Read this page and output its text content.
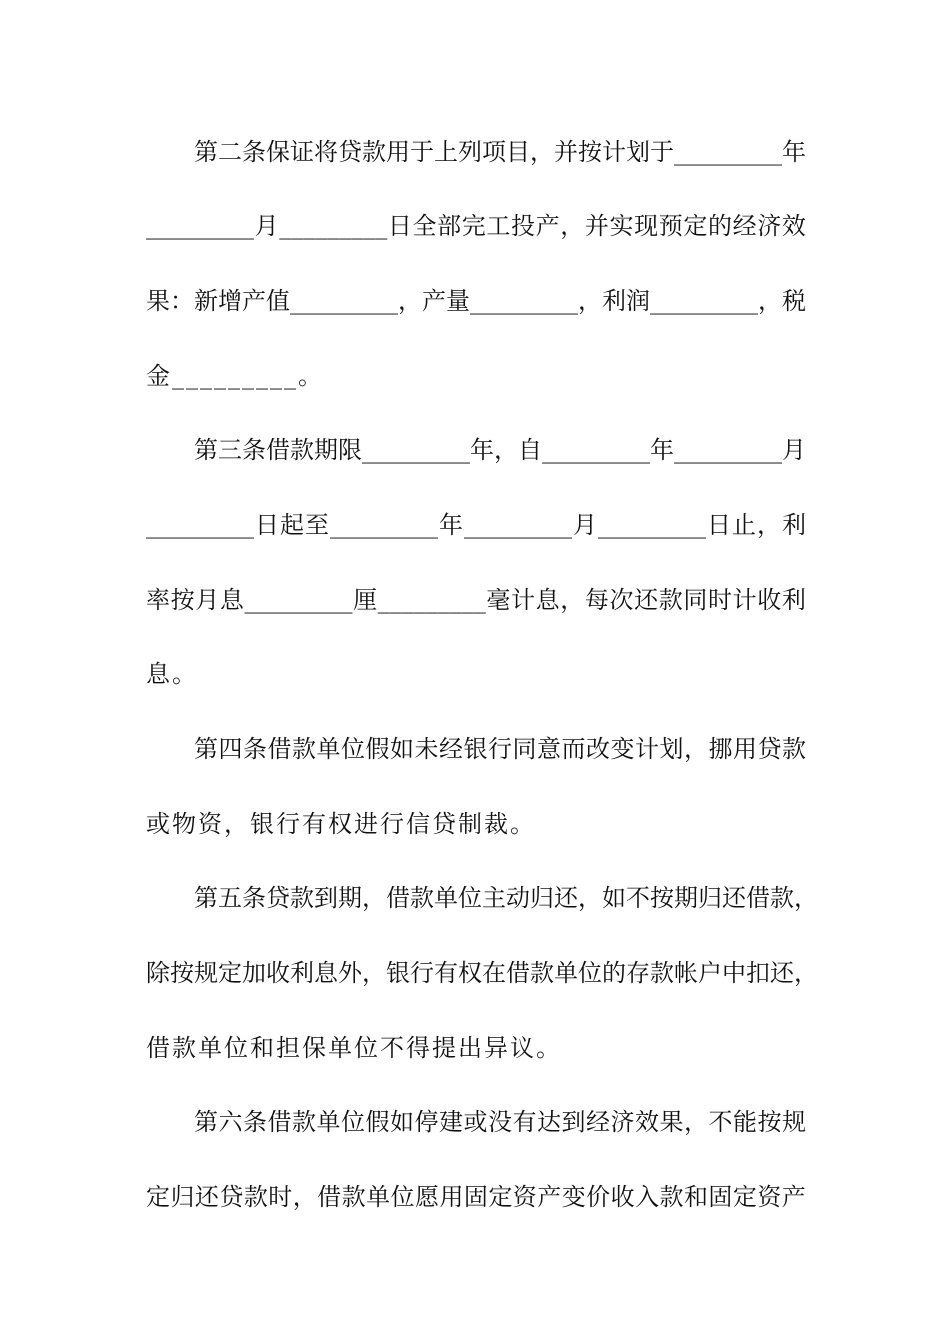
第 二 条 保 证 将 贷 款 用 于 上 列 项 目 ， 并 按 计 划 于 _________ 年
_________ 月 _________ 日 全 部 完 工 投 产 ， 并 实 现 预 定 的 经 济 效
果 ： 新 增 产 值 _________ ， 产 量 _________ ， 利 润 _________ ， 税
金_________。
第 三 条 借 款 期 限 _________ 年 ， 自 _________ 年 _________ 月
_________ 日 起 至 _________ 年 _________ 月 _________ 日 止 ， 利
率 按 月 息 _________ 厘 _________ 毫 计 息 ， 每 次 还 款 同 时 计 收 利
息。
第 四 条 借 款 单 位 假 如 未 经 银 行 同 意 而 改 变 计 划 ， 挪 用 贷 款
或物资，银行有权进行信贷制裁。
第 五 条 贷 款 到 期 ， 借 款 单 位 主 动 归 还 ， 如 不 按 期 归 还 借 款 ，
除 按 规 定 加 收 利 息 外 ， 银 行 有 权 在 借 款 单 位 的 存 款 帐 户 中 扣 还 ，
借款单位和担保单位不得提出异议。
第 六 条 借 款 单 位 假 如 停 建 或 没 有 达 到 经 济 效 果 ， 不 能 按 规
定 归 还 贷 款 时 ， 借 款 单 位 愿 用 固 定 资 产 变 价 收 入 款 和 固 定 资 产
